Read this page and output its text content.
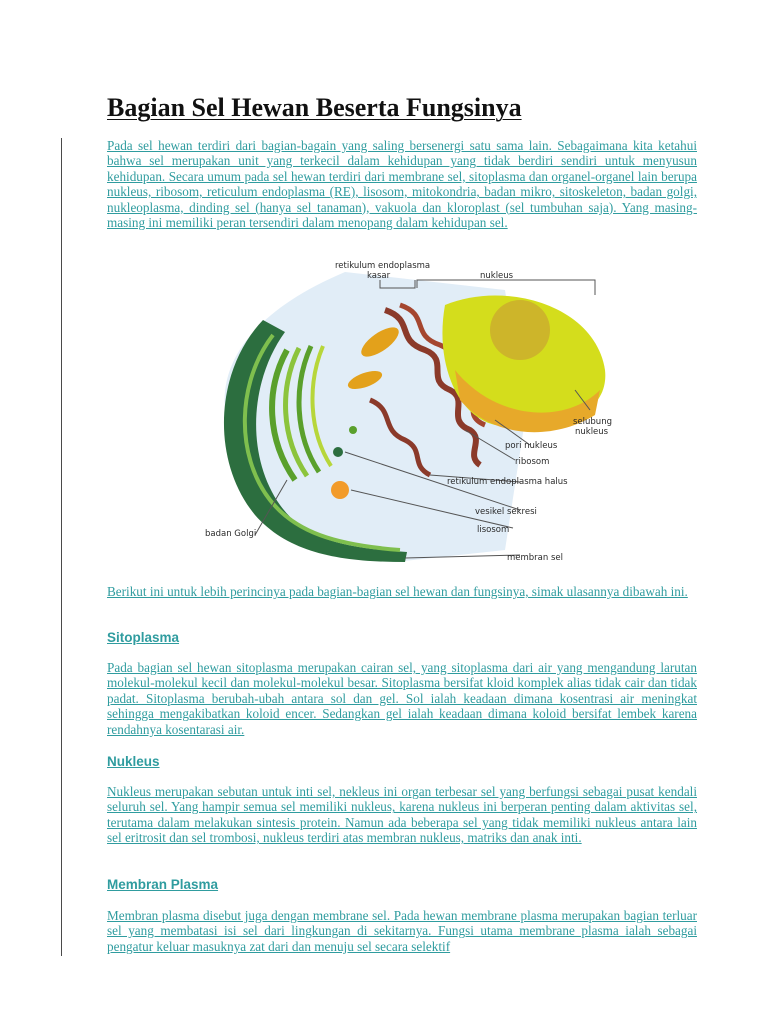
Bagian Sel Hewan Beserta Fungsinya

Pada sel hewan terdiri dari bagian-bagain yang saling bersenergi satu sama lain. Sebagaimana kita ketahui bahwa sel merupakan unit yang terkecil dalam kehidupan yang tidak berdiri sendiri untuk menyusun kehidupan. Secara umum pada sel hewan terdiri dari membrane sel, sitoplasma dan organel-organel lain berupa nukleus, ribosom, reticulum endoplasma (RE), lisosom, mitokondria, badan mikro, sitoskeleton, badan golgi, nukleoplasma, dinding sel (hanya sel tanaman), vakuola dan kloroplast (sel tumbuhan saja). Yang masing-masing ini memiliki peran tersendiri dalam menopang dalam kehidupan sel.

retikulum endoplasma
kasar	nukleus
selubung
nukleus
pori nukleus
ribosom
retikulum endoplasma halus
vesikel sekresi
lisosom
badan Golgi
membran sel

Berikut ini untuk lebih perincinya pada bagian-bagian sel hewan dan fungsinya, simak ulasannya dibawah ini.

Sitoplasma

Pada bagian sel hewan sitoplasma merupakan cairan sel, yang sitoplasma dari air yang mengandung larutan molekul-molekul kecil dan molekul-molekul besar. Sitoplasma bersifat kloid komplek alias tidak cair dan tidak padat. Sitoplasma berubah-ubah antara sol dan gel. Sol ialah keadaan dimana kosentrasi air meningkat sehingga mengakibatkan koloid encer. Sedangkan gel ialah keadaan dimana koloid bersifat lembek karena rendahnya kosentarasi air.

Nukleus

Nukleus merupakan sebutan untuk inti sel, nekleus ini organ terbesar sel yang berfungsi sebagai pusat kendali seluruh sel. Yang hampir semua sel memiliki nukleus, karena nukleus ini berperan penting dalam aktivitas sel, terutama dalam melakukan sintesis protein. Namun ada beberapa sel yang tidak memiliki nukleus antara lain sel eritrosit dan sel trombosi, nukleus terdiri atas membran nukleus, matriks dan anak inti.

Membran Plasma

Membran plasma disebut juga dengan membrane sel. Pada hewan membrane plasma merupakan bagian terluar sel yang membatasi isi sel dari lingkungan di sekitarnya. Fungsi utama membrane plasma ialah sebagai pengatur keluar masuknya zat dari dan menuju sel secara selektif
